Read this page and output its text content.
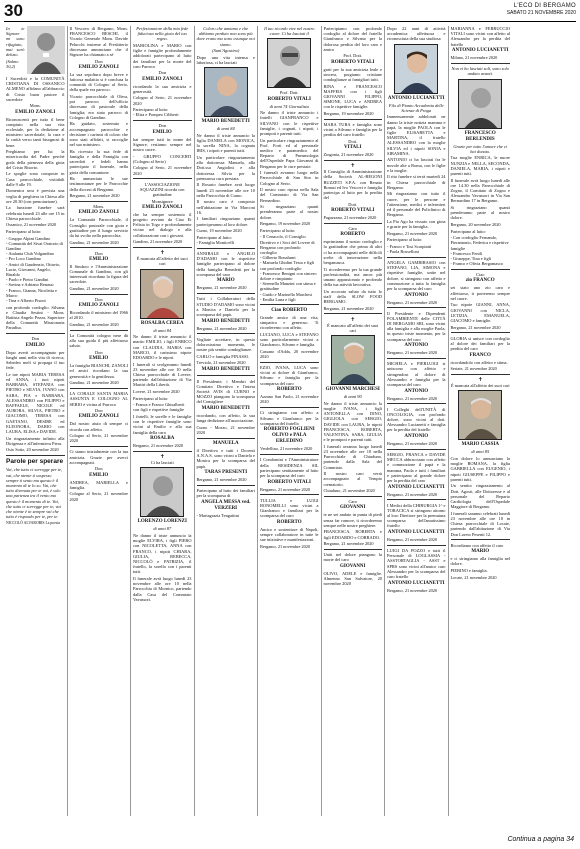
30	L'ECO DI BERGAMO
SABATO 21 NOVEMBRE 2020

In te Signore mi sono rifugiato, mai sarò deluso.

(Salmo 30,2)

I Sacerdoti e la COMUNITÀ CRISTIANA DI OSSANICO ALMENO affidano all'abbraccio di Cristo buon pastore il sacerdote

Mons.
EMILIO ZANOLI

Riconoscenti per tutto il bene compiuto nella sua vita ecclesiale, per la dedizione al ministero sacerdotale, la cura e la carità verso tanti bisognosi di bene.

Preghiamo per lui la misericordia del Padre perché goda della pienezza della gioia del Cristo Risorto.

Le spoglie sono composte in Casa parrocchiale, visitabili dalle 9 alle 19.

Domenica sera è prevista una veglia di preghiera in Chiesa alle ore 20.30 (con prenotazione).

La funzione funebre sarà celebrata lunedì 23 alle ore 15 in Chiesa parrocchiale.

Ossanico, 21 novembre 2020

Partecipano al lutto:

- Gruppo Alpini Gandino
- Comunità del Sivai Oratorio di Gandino
- Atalanta Club Volgandino
- Pro Loco Gandino
- Amici di Gaudenzio, Ottavio, Lucio, Giovanni, Angelo, Rinaldo
- Paolo e Pietro Gandini
- Savina e Adriano Benassi
- Franco, Gianna, Nicoletta e Marco
- Tina e Alberto Pisoni

con profondo cordoglio. Silvana e Claudia Sestini - Mons. Battista Angelo Pezza, Superiore della Comunità Missionaria Paradiso.

Don
EMILIO

Dopo averti accompagnato per lunghi anni nella vita di ricerca, Sebedeo meli sì propaga il tuo fede.

Le tue nipoti MARIA TERESA ed ANNA, i tuoi nipoti BARBARA, STEFANIA con PIETRO e SILVIA, IVANO con SARA, PIA e BARBARA, ALESSANDRO con FILIPPO e RAFFAELE, NICOLE ed AURORA, SILVIA, PIETRO e GIACOMO, TERESA con GAETANO, DESIRE ed ELEONORA, DARIO con LAURA, ELISA e DAVIDE.

Un ringraziamento infinito alla Dirigenza e all'infermiera Piera.

Osio Sotto, 20 novembre 2020

Parole per sperare

Vai, che tutto ci sorregge per te, vai, che niente ti sospesso sempre ti sento ma questo è il momento di te lo so. Vai, che tutto divenuta per te vai, è solo una partenza tra il vento ma questo è il momento di te. Vai, che tutto ci sorregge per te, vai che niente è in sempre vai che tutto è rispondo per te, per te.

NICCOLÒ ALVAROBIS La poesia

Il Vescovo di Bergamo, Mons. FRANCESCO BESCHI, il Vicario Generale Mons. Davide Pelucchi insieme al Presbiterio diocesano annunciano che il Signore ha chiamato a sé

Don
EMILIO ZANOLI

La sua sepoltura dopo breve e faticosa malattia si è conclusa la comunità di Cologno al Serio, della quale era parroco.

Vicario parrocchiale di Olera, poi parroco dell'ufficio diocesano di pastorale della famiglia; era stato parroco di Cologno di Gandino.

Ha guidato, sostenuto e accompagnato parrocchie e decisione i carismi di coloro che sono stati affidati, si raccoglie nel suo ministero.

Ha ricevuto la sua fede di famiglia e della Famiglia con sacerdoti e fedeli hanno partecipato il funerale, nella gioia della comunione.

Ha annunciato le sue testimonianze per le Parrocchie della diocesi di Bergamo.

Bergamo, 21 novembre 2020

Mons.
EMILIO ZANOLI

La Comunità Parrocchiale, il Consiglio pastorale con gioia e gratitudine per il lungo servizio da lui svolto nella parrocchia.

Gandino, 21 novembre 2020

Don
EMILIO

Il Sindaco e l'Amministrazione Comunale di Gandino, con gli interessati ricordano la figura del sacerdote.

Gandino, 21 novembre 2020

Don
EMILIO ZANOLI

Ricordando il ministero del 1966 al 2010.

Gandino, 21 novembre 2020

La Comunità cologno nese dà alla sua guida il più affettuoso saluto.

Don
EMILIO

La famiglia BIANCHI, ZANOLI ed amici ricordano la sua generosità e la gentilezza.

Gandino, 21 novembre 2020

LA CORALE SANTA MARIA ASSUNTA E COLOGNO AL SERIO è vicina al Parroco

Don
EMILIO ZANOLI

Dal nostro aiuto di sempre ci ricorda con affetto.

Cologno al Serio, 21 novembre 2020

Ci siamo inizialmente con la tua amicizia. Grazie per averci accompagnati.

Don
EMILIO

ANDREA, MARIELLA e famiglia.

Cologno al Serio, 21 novembre 2020

Perfezionatore della mia fede fiduciosa nella gioia del tuo regno.

MARIOLINA e MARIO con figlie e famiglie profondamente addolorati partecipano al lutto dei familiari per la morte del caro Parroco

Don
EMILIO ZANOLI

ricordando la sua amicizia e generosità.

Cologno al Serio, 21 novembre 2020

Partecipano al lutto:
- Elisa e Pompeo Ciliberti

Don
EMILIO

hai sempre tutti in nome del Signore, restiamo sempre nel nostro cuore.

- GRUPPO CONCERTI (Cologno al Serio)

Cologno al Serio, 21 novembre 2020

L'ASSOCIAZIONE SQUAZZINI ricorda con gratitudine

Monsignore
EMILIO ZANOLI

che ha sempre sostenuto il progetto avviato da Ciao Et Felisia in Togo e profondamente vicino nel dialogo e alla collaborazione con i giovani.

Gandino, 21 novembre 2020

✝

È mancata all'affetto dei suoi cari

ROSALBA CEREA

di anni 84

Ne danno il triste annuncio il marito EMILIO, i figli ENRICO con CLAUDIA, MARIA con MARCO, il carissimo nipote EDOARDO e le nipoti.

I funerali si svolgeranno lunedì 23 novembre alle ore 10 nella Chiesa parrocchiale di Lovere, partendo dall'abitazione di Via Martiri della Libertà.

Lovere, 21 novembre 2020

Partecipano al lutto:

- Franca e Franco Ghisalberti con figli e rispettive famiglie

I fratelli, le sorelle e le famiglie con le rispettive famiglie sono vicini al Emilio e alla sua famiglia della cara

ROSALBA

Bergamo, 21 novembre 2020

✝

Ci ha lasciati

LORENZO LORENZI

di anni 87

Ne danno il triste annuncio la moglie ELVIRA, i figli PIERO con NICOLETTA, ANNA con FRANCO, i nipoti CHIARA, GIULIA, REBECCA, NICCOLÒ e PATRIZIA, il fratello, la sorella con i parenti tutti.

Il funerale avrà luogo lunedì 23 novembre alle ore 10 nella Parrocchia di Mornico, partendo dalla Casa del Commiato Vavassori.

Coloro che amiamo e che abbiamo perduto non sono più dove erano ma sono ovunque noi siamo.

(Sant'Agostino)

Dopo una vita intensa e laboriosa, ci ha lasciati

MARIO BENEDETTI

di anni 84

Ne danno il triste annuncio la figlia DANIELA con MONICA, la sorella NINA, la cognata IRIS, i nipoti e parenti tutti.

Un particolare ringraziamento alla dottoressa Manuela, alla Dott.ssa Angiolini e alla dottoressa Silvia per la premurosa cura prestata.

Il Rosario funebre avrà luogo lunedì 23 novembre alle ore 10 nella Parrocchia di Curno.

Il nostro caro è composto nell'abitazione in Via Marconi 16.

I familiari ringraziano quanti parteciperanno al loro dolore.

Curno, 19 novembre 2020

Partecipano al lutto:
- Famiglia Monticelli

ANNIBALE e ANGELO D'ADAMO con le rispettive famiglie partecipano al dolore della famiglia Benedetti per la scomparsa del caro

MARIO

Bergamo, 21 novembre 2020

Tutti i Collaboratori della STUDIO D'ADAMO sono vicini a Monica e Daniela per la scomparsa del papà.

MARIO BENEDETTI

Bergamo, 21 novembre 2020

Vogliate accettare, in questo dolorosissimo momento, le nostre più sentite condoglianze.

CARLO e famiglia FINASSI.

Treviolo, 21 novembre 2020

MARIO BENEDETTI

Il Presidente, i Membri del Comitato Direttivo e l'intera Società AVIS di CURNO e MOZZO piangono la scomparsa del Consigliere

MARIO BENEDETTI

ricordando, con affetto, la sua lunga dedizione all'associazione.

Curno - Mozzo, 21 novembre 2020

MANUELA

il Direttivo e tutti i Docenti A.N.A.S. sono vicini a Daniela e Monica per la scomparsa del papà.

TARAS PRESENTI

Bergamo, 21 novembre 2020

Partecipano al lutto dei familiari per la scomparsa di

ANGELA MESSA ved. VERZERI

- Mariagrazia Tengattini

Il tuo ricordo vive nel nostro cuore. Ci ha lasciati il

Prof. Dott.
ROBERTO VITALI

di anni 74 Giornalista

Ne danno il triste annuncio i fratelli GIANFRANCO e SILVANO con le rispettive famiglie, i cognati, i nipoti, i pronipoti e parenti tutti.

Un particolare ringraziamento al Prof. Forti ed al personale medico e paramedico del Reparto di Pneumologia dell'Ospedale Papa Giovanni di Bergamo per le cure prestate.

I funerali avranno luogo nella Parrocchiale di San Siro in Cologno al Serio.

Il nostro caro riposa nella Sala del Commiato di Via San Bernardino.

Si ringraziano quanti prenderanno parte al nostro dolore.

Bergamo, 19 novembre 2020

Partecipano al lutto:

- Il Cenacolo, il Consiglio Direttivo e i Soci del Lovere di Bergamo con profondo cordoglio
- Gilberto Bonalumi
- Manuela Ghidini Testa e figli con profondo cordoglio
- Francesco Benigni con sincero dolore e rimpianto
- Serenella Manzini con stima e gratitudine
- Guido e Marinella Marchesi
- Emilia Lana e figli

Ciao ROBERTO

Grande amico di una vita, simpatico e generoso. Ti ricorderemo con affetto.

LUCIANO, LUCA e STEFANO sono particolarmente vicini a Gianfranco, Silvano e famiglia.

Cassano d'Adda, 20 novembre 2020

EZIO, IVANA, LUCA sono vicini ai dolore di Gianfranco, Silvano e famiglia per la scomparsa del caro

ROBERTO

Azzano San Paolo, 21 novembre 2020

Ci stringiamo con affetto a Silvano e Gianfranco per la scomparsa del fratello

ROBERTO FOGLIENI OLIVO e PALA ERLEDINO

Verdellino, 21 novembre 2020

I Condomini e l'Amministratore della RESIDENZA SIL partecipano sentitamente al lutto per la scomparsa del caro

ROBERTO VITALI

Bergamo, 21 novembre 2020

TULLIA e LUIGI BONOMELLI sono vicini a Gianfranco e familiari per la scomparsa del caro

ROBERTO

Amico e sostenitore di Napoli, sempre collaboratore in tutte le sue iniziative e manifestazioni.

Bergamo, 21 novembre 2020

Partecipiamo con profondo cordoglio al dolore del fratello Gianfranco e Silvano per la dolorosa perdita del loro caro e amico

Prof. Dott.
ROBERTO VITALI

grati per la sua amicizia leale e sincera, porgiamo cristiane condoglianze ai famigliari tutti.

RINA e FRANCESCO MAFFEIS con i figli GIOVANNI FILIPPO, SIMONE, LUCA e ANDREA con le rispettive famiglie.

Bergamo, 19 novembre 2020

MARA TURA e famiglia sono vicini a Silvano e famiglia per la perdita del caro fratello

Dott.
VITALI

Zingonia, 21 novembre 2020

✝

Il Consiglio di Amministrazione della Società AL-BEGONI BUZZETI S.P.A. con Renato Bonasi ed Ivo Vescovi e famiglia partecipa al lutto per la perdita del

Dott.
ROBERTO VITALI

Pagazzano, 21 novembre 2020

Caro
ROBERTO

esprimiamo il nostro cordoglio e la gratitudine che prima di altri ci ha accompagnati nelle difficili scelte di innovazione nella bergamasca.

Ti ricorderemo per la tua grande professionalità, ma ancor più umano appassionato e profondo della tua attività lavorativa.

Un accorato saluto da tutto lo staff della SLOW FOOD BERGAMO.

Bergamo, 21 novembre 2020

✝

È mancato all'affetto dei suoi cari

GIOVANNI MARCHESI

di anni 90

Ne danno il triste annuncio la moglie IVANA, i figli ANTONELLA con DINO, GIGLIOLA con SERGIO, DAVIDE con LAURA, le nipoti FRANCESCA, ROBERTA, VALENTINA, SARA, GIULIA e le pronipoti e parenti tutti.

I funerali avranno luogo lunedì 23 novembre alle ore 10 nella Parrocchiale di Chiuduno, partendo dalla Sala del Commiato.

Il nostro caro verrà accompagnato al Tempio crematorio.

Chiuduno, 21 novembre 2020

Caro
GIOVANNI

te ne sei andato in punta di piedi senza far rumore, ti ricorderemo sempre nelle nostre preghiere.

FRANCESCA, ROBERTA e figli EDOARDO e CORRADO.

Bergamo, 21 novembre 2020

Uniti nel dolore piangono la morte del caro

GIOVANNI

OLIVO, ADELE e famiglie. Almenno San Salvatore, 20 novembre 2020

Dopo 22 anni di attività accademica affettuosa e riconosciuta della sua studiosa

ANTONIO LUCIANETTI

Filo di Pianto Accademia delle Scienze di Praga

Immensamente addolorati ne danno la triste notizia mamma e papà, la moglie PAOLA con le figlie ELISABETTA e MARTINA, il fratello ALESSANDRO con la moglie SILVIA ed i nipoti SONIA e SIBAMINA.

ANTONIO ci ha lasciati fra le nuvole alte a Roma, con le figlie e la moglie.

Il rito funebre si terrà martedì 24 in Chiesa parrocchiale di Bergamo.

Mi ringraziamo con tutto il cuore, per le persone e l'attenzione, medici e infermieri ed il personale del Policlinico di Bergamo.

La Pia Ago ha vissuto con gioia e grazie per la famiglia.

Bergamo, 21 novembre 2020

Partecipano al lutto:

- Franco e Tosi Scarpiatti
- Paola Rosselloni

ANGELA GAMBIRASIO con STEFANO, LIA, SIMONA e rispettive famiglie, unite nel dolore, si stringono con affetto e commozione a tutta la famiglia per la scomparsa del caro

ANTONIO

Bergamo, 21 novembre 2020

Il Presidente e Dipendenti POLAMBIENTE delle CITTÀ DI BERGAMO SRL sono vicini alla famiglia e alla moglie Paola, in questo triste momento, per la scomparsa del caro

ANTONIO

Bergamo, 21 novembre 2020

MICHELA e PIERLUIGI si uniscono con affetto e stringendosi al dolore di Alessandro e famiglia per la scomparsa del caro

ANTONIO

Bergamo, 21 novembre 2020

I Colleghi dell'UNITÀ di ONCOLOGIA, con profondo dolore, sono vicini al dott. Alessandro Lucianetti e famiglia per la perdita del fratello

ANTONIO

Bergamo, 21 novembre 2020

SERGIO, FRANCA e DAVIDE MECCA abbracciano con affetto e commozione il papà e la mamma, Paola e tutti i familiari e partecipano al grande dolore per la perdita del caro

ANTONIO LUCIANETTI

Bergamo, 21 novembre 2020

I Medici della CHIRURGIA 1^ e TORACICA si stringono attorno al loro Direttore per la prematura scomparsa dell'amatissimo fratello

ANTONIO LUCIANETTI

Bergamo, 21 novembre 2020

LUIGI DA POZZO e tutti il Personale di LOGLASSIA - ASSTORTAGLIA - ASST e SPRS sono vicini all'amico caro Alessandro per la scomparsa del caro fratello

ANTONIO LUCIANETTI

Bergamo, 21 novembre 2020

MARIANNA e FERRUCCIO VITALI sono vicini con affetto al Alessandro per la perdita del fratello

ANTONIO LUCIANETTI

Milano, 21 novembre 2020

Non vi ho lasciati soli, sono solo andato avanti.

FRANCESCO BERLENDIS

Grazie per tutto l'amore che ci hai donato.

Tua moglie ENRICA, le nuore NUNZIA e NELLA, SECONDA, DANIELA, MARIA, i nipoti e parenti tutti.

Il funerale avrà luogo lunedì alle ore 14.30 nella Parrocchiale di Zogno, il Comitato di Zogno e Alessandro Vavassori in Via San Bernardino 17 in Bergamo.

Si ringraziano quanti prenderanno parte al nostro dolore.

Bergamo, 20 novembre 2020

Partecipano al lutto:

- Con cordoglio Fernando, Pierantonio, Federica e rispettive famiglie
- Francesco Fenili
- Giuseppe, Tina e figli
- Franco e Olivia Bergamasco

Ciao
zio FRANCO

sei stato uno zio caro e affettuoso, ti porteremo sempre nel cuore.

Tuo nipote GIANNI, ANNA, GIOVANNI con NICLA, LETIZIA, EMANUELA, GIACOMO e famiglie.

Bergamo, 21 novembre 2020

GLORIA si unisce con cordoglio al dolore dei familiari per la perdita del caro

FRANCO

ricordandolo con affetto e stima.

Seriate, 21 novembre 2020

✝

È mancata all'affetto dei suoi cari

MARIO CASSIA

di anni 85

Con dolore lo annunciano la moglie ROMANA, la figlia GABRIELLA con EUGENIO, i nipoti GIUSEPPE e FILIPPO e parenti tutti.

Un sentito ringraziamento al Dott. Agosti, alle Dottoresse e al personale del Reparto Cardiologia dell'Ospedale Maggiore di Bergamo.

I funerali saranno celebrati lunedì 23 novembre alle ore 10 in Chiesa parrocchiale di Locate, partendo dall'abitazione di Via Don Loreto Pesenti 12.

Ricordiamo con affetto il caro

MARIO

e ci stringiamo alla famiglia nel dolore.

PIERINO e famiglia.

Locate, 21 novembre 2020

Continua a pagina 34
